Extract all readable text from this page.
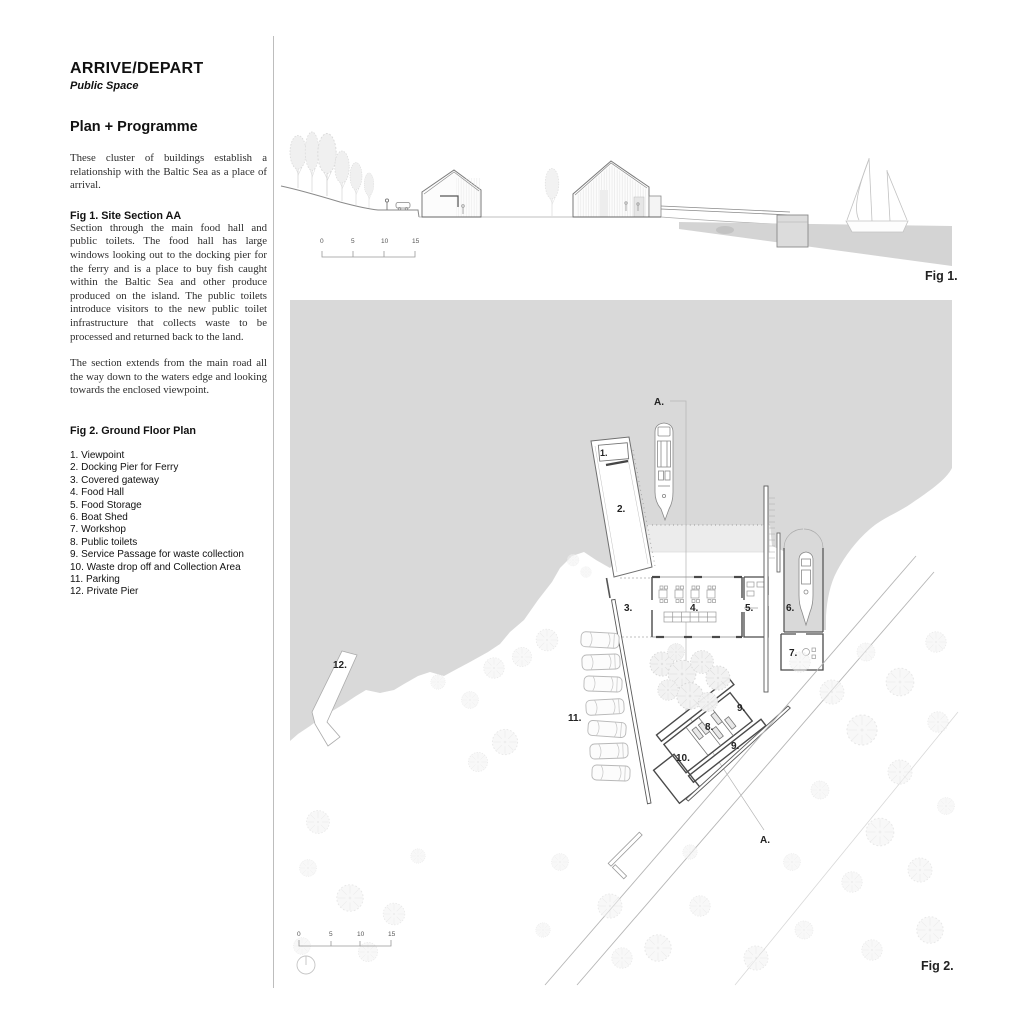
ARRIVE/DEPART
Public Space
Plan + Programme

These cluster of buildings establish a relationship with the Baltic Sea as a place of arrival.

Fig 1. Site Section AA

Section through the main food hall and public toilets. The food hall has large windows looking out to the docking pier for the ferry and is a place to buy fish caught within the Baltic Sea and other produce produced on the island. The public toilets introduce visitors to the new public toilet infrastructure that collects waste to be processed and returned back to the land.

The section extends from the main road all the way down to the waters edge and looking towards the enclosed viewpoint.

Fig 2. Ground Floor Plan
1. Viewpoint
2. Docking Pier for Ferry
3. Covered gateway
4. Food Hall
5. Food Storage
6. Boat Shed
7. Workshop
8. Public toilets
9. Service Passage for waste collection
10. Waste drop off and Collection Area
11. Parking
12. Private Pier
0	5	10	15
Fig 1.
1.
2.
3.	4.	5.	6.
7.
8.
9.
9.
10.
11.
12.
A.
A.
0	5	10	15
Fig 2.
